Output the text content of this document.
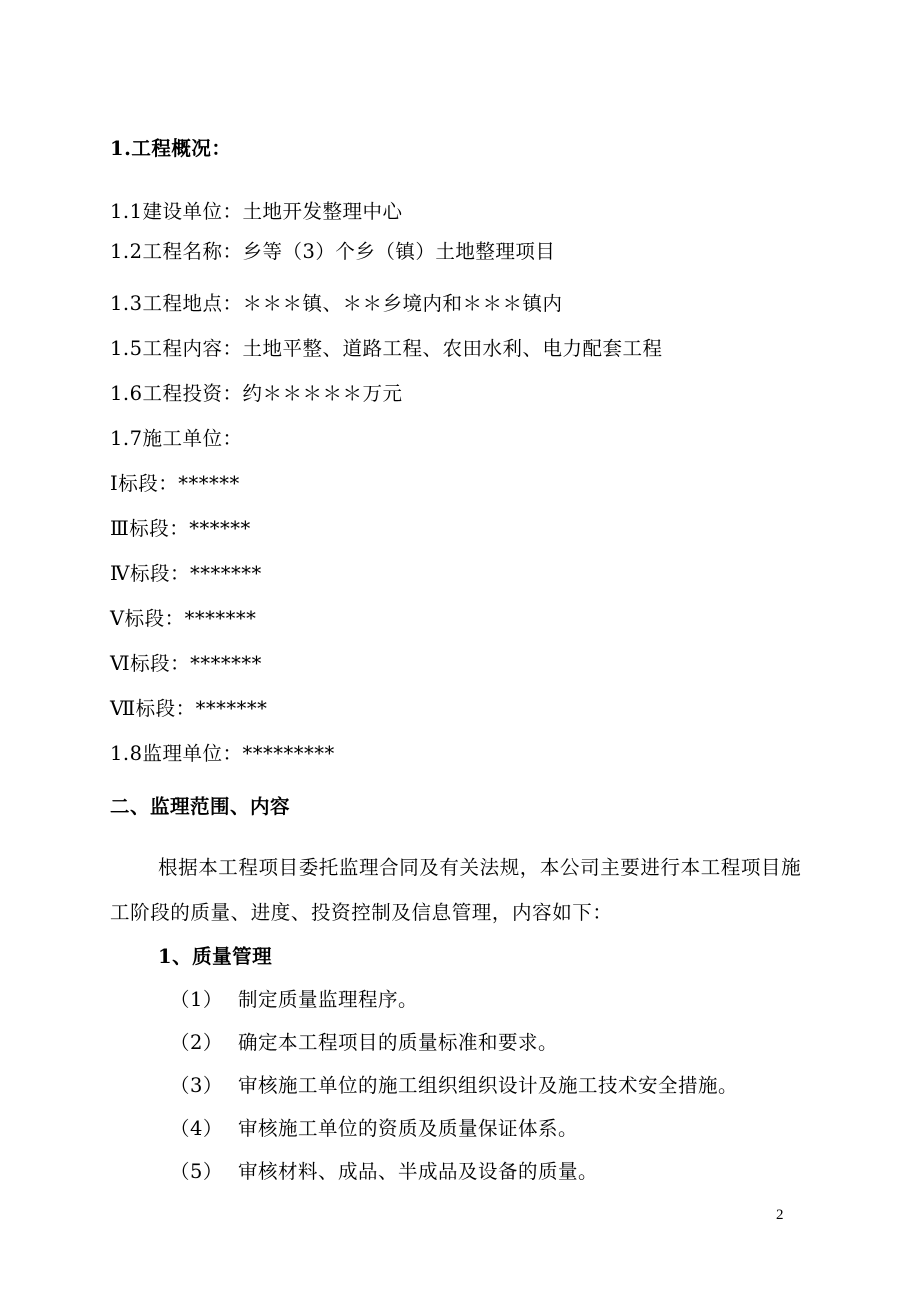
1.工程概况：
1.1建设单位：土地开发整理中心
1.2工程名称：乡等（3）个乡（镇）土地整理项目
1.3工程地点：＊＊＊镇、＊＊乡境内和＊＊＊镇内
1.5工程内容：土地平整、道路工程、农田水利、电力配套工程
1.6工程投资：约＊＊＊＊＊万元
1.7施工单位：
Ⅰ标段：******
Ⅲ标段：******
Ⅳ标段：*******
Ⅴ标段：*******
Ⅵ标段：*******
Ⅶ标段：*******
1.8监理单位：*********
二、监理范围、内容
根据本工程项目委托监理合同及有关法规，本公司主要进行本工程项目施工阶段的质量、进度、投资控制及信息管理，内容如下：
1、质量管理
（1） 制定质量监理程序。
（2） 确定本工程项目的质量标准和要求。
（3） 审核施工单位的施工组织组织设计及施工技术安全措施。
（4） 审核施工单位的资质及质量保证体系。
（5） 审核材料、成品、半成品及设备的质量。
2
